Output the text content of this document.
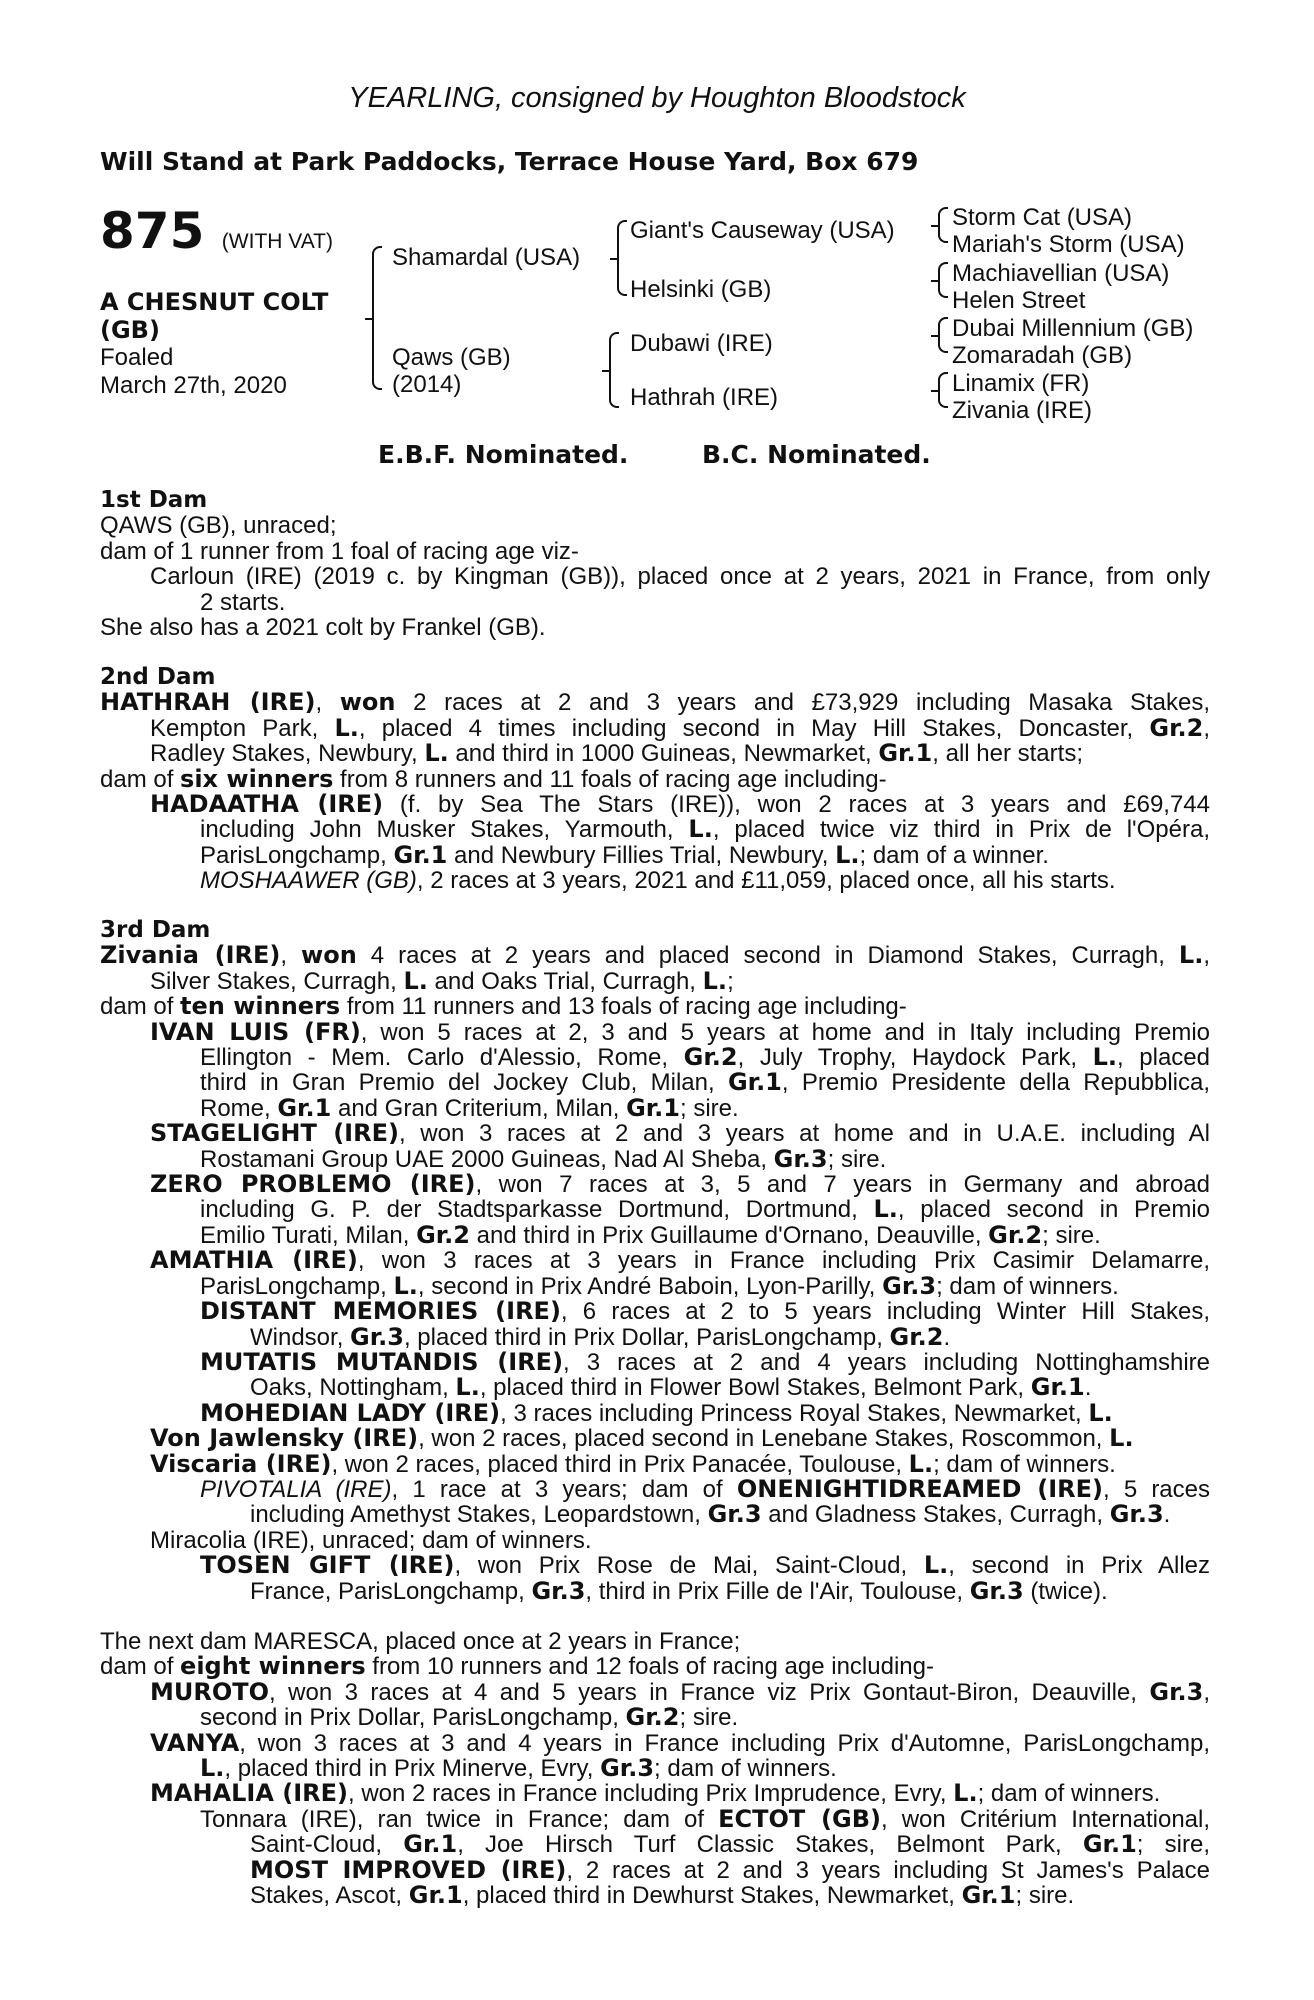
YEARLING, consigned by Houghton Bloodstock
Will Stand at Park Paddocks, Terrace House Yard, Box 679
875 (WITH VAT)
A CHESNUT COLT
(GB)
Foaled
March 27th, 2020
Shamardal (USA)
Qaws (GB)
(2014)
Giant's Causeway (USA)
Helsinki (GB)
Dubawi (IRE)
Hathrah (IRE)
Storm Cat (USA)
Mariah's Storm (USA)
Machiavellian (USA)
Helen Street
Dubai Millennium (GB)
Zomaradah (GB)
Linamix (FR)
Zivania (IRE)
E.B.F. Nominated.	B.C. Nominated.
1st Dam
QAWS (GB), unraced;
dam of 1 runner from 1 foal of racing age viz-
Carloun (IRE) (2019 c. by Kingman (GB)), placed once at 2 years, 2021 in France, from only
2 starts.
She also has a 2021 colt by Frankel (GB).
2nd Dam
HATHRAH (IRE), won 2 races at 2 and 3 years and £73,929 including Masaka Stakes,
Kempton Park, L., placed 4 times including second in May Hill Stakes, Doncaster, Gr.2,
Radley Stakes, Newbury, L. and third in 1000 Guineas, Newmarket, Gr.1, all her starts;
dam of six winners from 8 runners and 11 foals of racing age including-
HADAATHA (IRE) (f. by Sea The Stars (IRE)), won 2 races at 3 years and £69,744
including John Musker Stakes, Yarmouth, L., placed twice viz third in Prix de l'Opéra,
ParisLongchamp, Gr.1 and Newbury Fillies Trial, Newbury, L.; dam of a winner.
MOSHAAWER (GB), 2 races at 3 years, 2021 and £11,059, placed once, all his starts.
3rd Dam
Zivania (IRE), won 4 races at 2 years and placed second in Diamond Stakes, Curragh, L.,
Silver Stakes, Curragh, L. and Oaks Trial, Curragh, L.;
dam of ten winners from 11 runners and 13 foals of racing age including-
IVAN LUIS (FR), won 5 races at 2, 3 and 5 years at home and in Italy including Premio
Ellington - Mem. Carlo d'Alessio, Rome, Gr.2, July Trophy, Haydock Park, L., placed
third in Gran Premio del Jockey Club, Milan, Gr.1, Premio Presidente della Repubblica,
Rome, Gr.1 and Gran Criterium, Milan, Gr.1; sire.
STAGELIGHT (IRE), won 3 races at 2 and 3 years at home and in U.A.E. including Al
Rostamani Group UAE 2000 Guineas, Nad Al Sheba, Gr.3; sire.
ZERO PROBLEMO (IRE), won 7 races at 3, 5 and 7 years in Germany and abroad
including G. P. der Stadtsparkasse Dortmund, Dortmund, L., placed second in Premio
Emilio Turati, Milan, Gr.2 and third in Prix Guillaume d'Ornano, Deauville, Gr.2; sire.
AMATHIA (IRE), won 3 races at 3 years in France including Prix Casimir Delamarre,
ParisLongchamp, L., second in Prix André Baboin, Lyon-Parilly, Gr.3; dam of winners.
DISTANT MEMORIES (IRE), 6 races at 2 to 5 years including Winter Hill Stakes,
Windsor, Gr.3, placed third in Prix Dollar, ParisLongchamp, Gr.2.
MUTATIS MUTANDIS (IRE), 3 races at 2 and 4 years including Nottinghamshire
Oaks, Nottingham, L., placed third in Flower Bowl Stakes, Belmont Park, Gr.1.
MOHEDIAN LADY (IRE), 3 races including Princess Royal Stakes, Newmarket, L.
Von Jawlensky (IRE), won 2 races, placed second in Lenebane Stakes, Roscommon, L.
Viscaria (IRE), won 2 races, placed third in Prix Panacée, Toulouse, L.; dam of winners.
PIVOTALIA (IRE), 1 race at 3 years; dam of ONENIGHTIDREAMED (IRE), 5 races
including Amethyst Stakes, Leopardstown, Gr.3 and Gladness Stakes, Curragh, Gr.3.
Miracolia (IRE), unraced; dam of winners.
TOSEN GIFT (IRE), won Prix Rose de Mai, Saint-Cloud, L., second in Prix Allez
France, ParisLongchamp, Gr.3, third in Prix Fille de l'Air, Toulouse, Gr.3 (twice).
The next dam MARESCA, placed once at 2 years in France;
dam of eight winners from 10 runners and 12 foals of racing age including-
MUROTO, won 3 races at 4 and 5 years in France viz Prix Gontaut-Biron, Deauville, Gr.3,
second in Prix Dollar, ParisLongchamp, Gr.2; sire.
VANYA, won 3 races at 3 and 4 years in France including Prix d'Automne, ParisLongchamp,
L., placed third in Prix Minerve, Evry, Gr.3; dam of winners.
MAHALIA (IRE), won 2 races in France including Prix Imprudence, Evry, L.; dam of winners.
Tonnara (IRE), ran twice in France; dam of ECTOT (GB), won Critérium International,
Saint-Cloud, Gr.1, Joe Hirsch Turf Classic Stakes, Belmont Park, Gr.1; sire,
MOST IMPROVED (IRE), 2 races at 2 and 3 years including St James's Palace
Stakes, Ascot, Gr.1, placed third in Dewhurst Stakes, Newmarket, Gr.1; sire.
